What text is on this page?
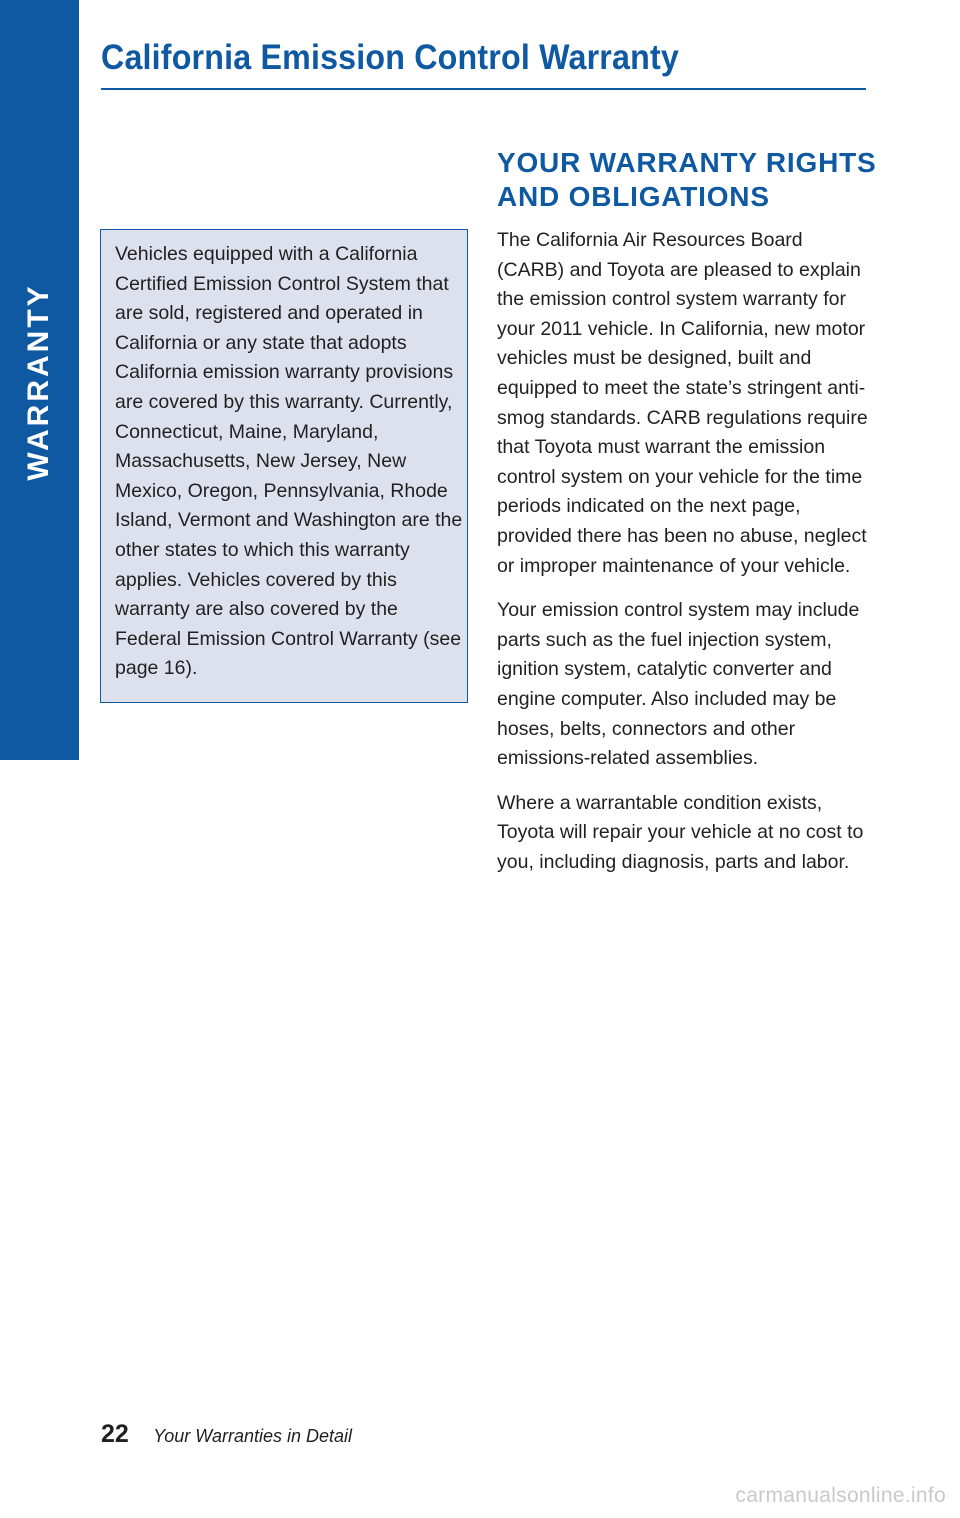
WARRANTY
California Emission Control Warranty

Vehicles equipped with a California Certified Emission Control System that are sold, registered and operated in California or any state that adopts California emission warranty provisions are covered by this warranty. Currently, Connecticut, Maine, Maryland, Massachusetts, New Jersey, New Mexico, Oregon, Pennsylvania, Rhode Island, Vermont and Washington are the other states to which this warranty applies. Vehicles covered by this warranty are also covered by the Federal Emission Control Warranty (see page 16).

YOUR WARRANTY RIGHTS AND OBLIGATIONS

The California Air Resources Board (CARB) and Toyota are pleased to explain the emission control system warranty for your 2011 vehicle. In California, new motor vehicles must be designed, built and equipped to meet the state’s stringent anti-smog standards. CARB regulations require that Toyota must warrant the emission control system on your vehicle for the time periods indicated on the next page, provided there has been no abuse, neglect or improper maintenance of your vehicle.

Your emission control system may include parts such as the fuel injection system, ignition system, catalytic converter and engine computer. Also included may be hoses, belts, connectors and other emissions-related assemblies.

Where a warrantable condition exists, Toyota will repair your vehicle at no cost to you, including diagnosis, parts and labor.

22 Your Warranties in Detail
carmanualsonline.info
